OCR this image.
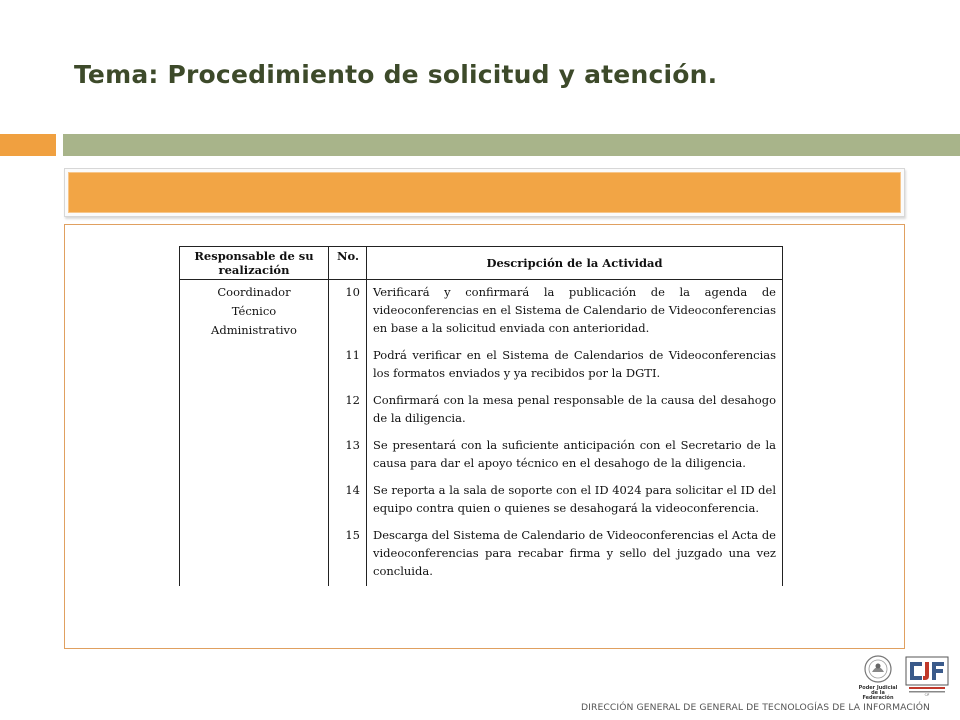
Tema: Procedimiento de solicitud y atención.
Responsable de su realización	No.	Descripción de la Actividad

Coordinador
Técnico
Administrativo	10	Verificará y confirmará la publicación de la agenda de videoconferencias en el Sistema de Calendario de Videoconferencias en base a la solicitud enviada con anterioridad.
	11	Podrá verificar en el Sistema de Calendarios de Videoconferencias los formatos enviados y ya recibidos por la DGTI.
	12	Confirmará con la mesa penal responsable de la causa del desahogo de la diligencia.
	13	Se presentará con la suficiente anticipación con el Secretario de la causa para dar el apoyo técnico en el desahogo de la diligencia.
	14	Se reporta a la sala de soporte con el ID 4024 para solicitar el ID del equipo contra quien o quienes se desahogará la videoconferencia.
	15	Descarga del Sistema de Calendario de Videoconferencias el Acta de videoconferencias para recabar firma y sello del juzgado una vez concluida.
Poder Judicial de la Federación
CJF
DIRECCIÓN GENERAL DE GENERAL DE TECNOLOGÍAS DE LA INFORMACIÓN
